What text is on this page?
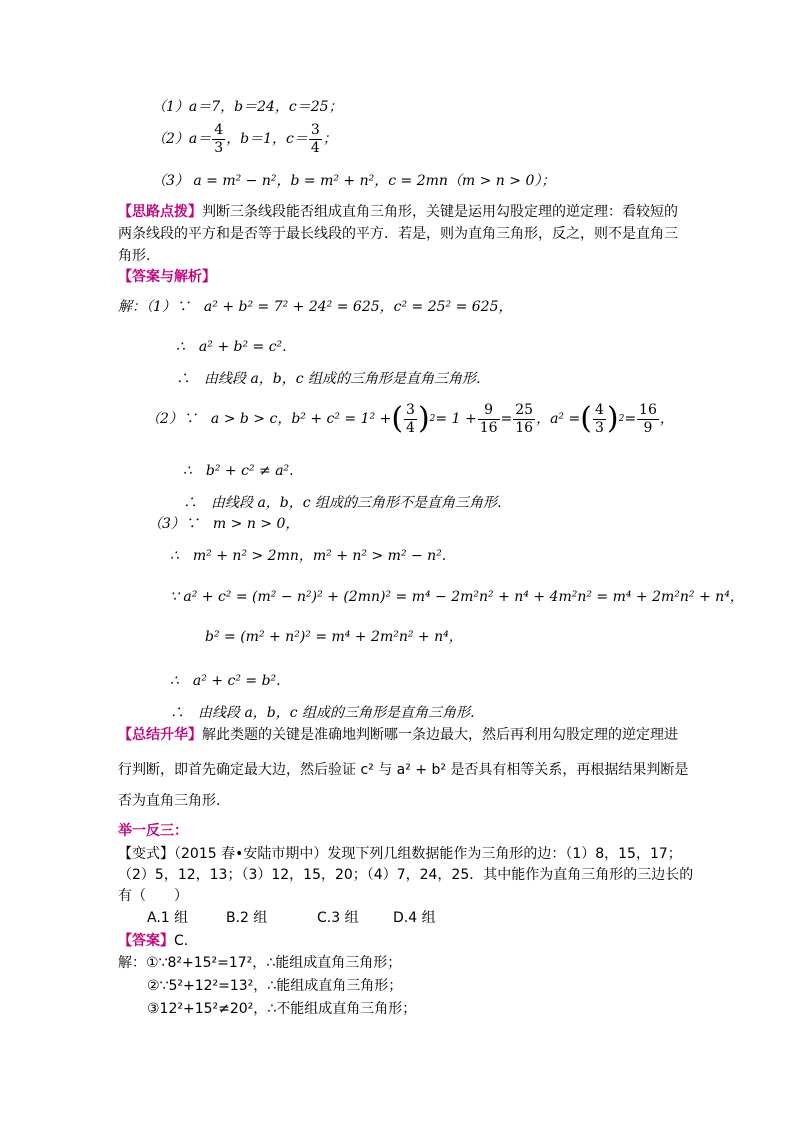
（1）a＝7，b＝24，c＝25；
$(2)a= \frac{4}{3}$ ，b＝1，$c= \frac{3}{4}$ ；
（3） a = m² − n²，b = m² + n²，c = 2mn（m > n > 0）；
【思路点拨】判断三条线段能否组成直角三角形，关键是运用勾股定理的逆定理：看较短的
两条线段的平方和是否等于最长线段的平方．若是，则为直角三角形，反之，则不是直角三
角形．
【答案与解析】
解：（1）∵　a² + b² = 7² + 24² = 625，c² = 25² = 625，
∴　a² + b² = c².
∴　由线段 a，b，c 组成的三角形是直角三角形．
（2）∵　a > b > c，b² + c² = 1² + ( $\frac{3}{4}$ ) $2 = 1 + \frac{9}{16} = \frac{25}{16}$ ，a² = ( $\frac{4}{3}$ ) $2 = \frac{16}{9}$ ，
∴　b² + c² ≠ a².
∴　由线段 a，b，c 组成的三角形不是直角三角形．
（3）∵　m > n > 0，
∴　m² + n² > 2mn，m² + n² > m² − n².
∵ a² + c² = (m² − n²)² + (2mn)² = m⁴ − 2m²n² + n⁴ + 4m²n² = m⁴ + 2m²n² + n⁴，
b² = (m² + n²)² = m⁴ + 2m²n² + n⁴，
∴　a² + c² = b².
∴　由线段 a，b，c 组成的三角形是直角三角形．
【总结升华】解此类题的关键是准确地判断哪一条边最大，然后再利用勾股定理的逆定理进
行判断，即首先确定最大边，然后验证 c² 与 a² + b² 是否具有相等关系，再根据结果判断是
否为直角三角形．
举一反三：
【变式】（2015 春•安陆市期中）发现下列几组数据能作为三角形的边：（1）8，15，17；
（2）5，12，13；（3）12，15，20；（4）7，24，25．其中能作为直角三角形的三边长的
有（　　）
A.1 组	B.2 组	C.3 组 D.4 组
【答案】C.
解：①∵8²+15²=17²，∴能组成直角三角形；
②∵5²+12²=13²，∴能组成直角三角形；
③12²+15²≠20²，∴不能组成直角三角形；
